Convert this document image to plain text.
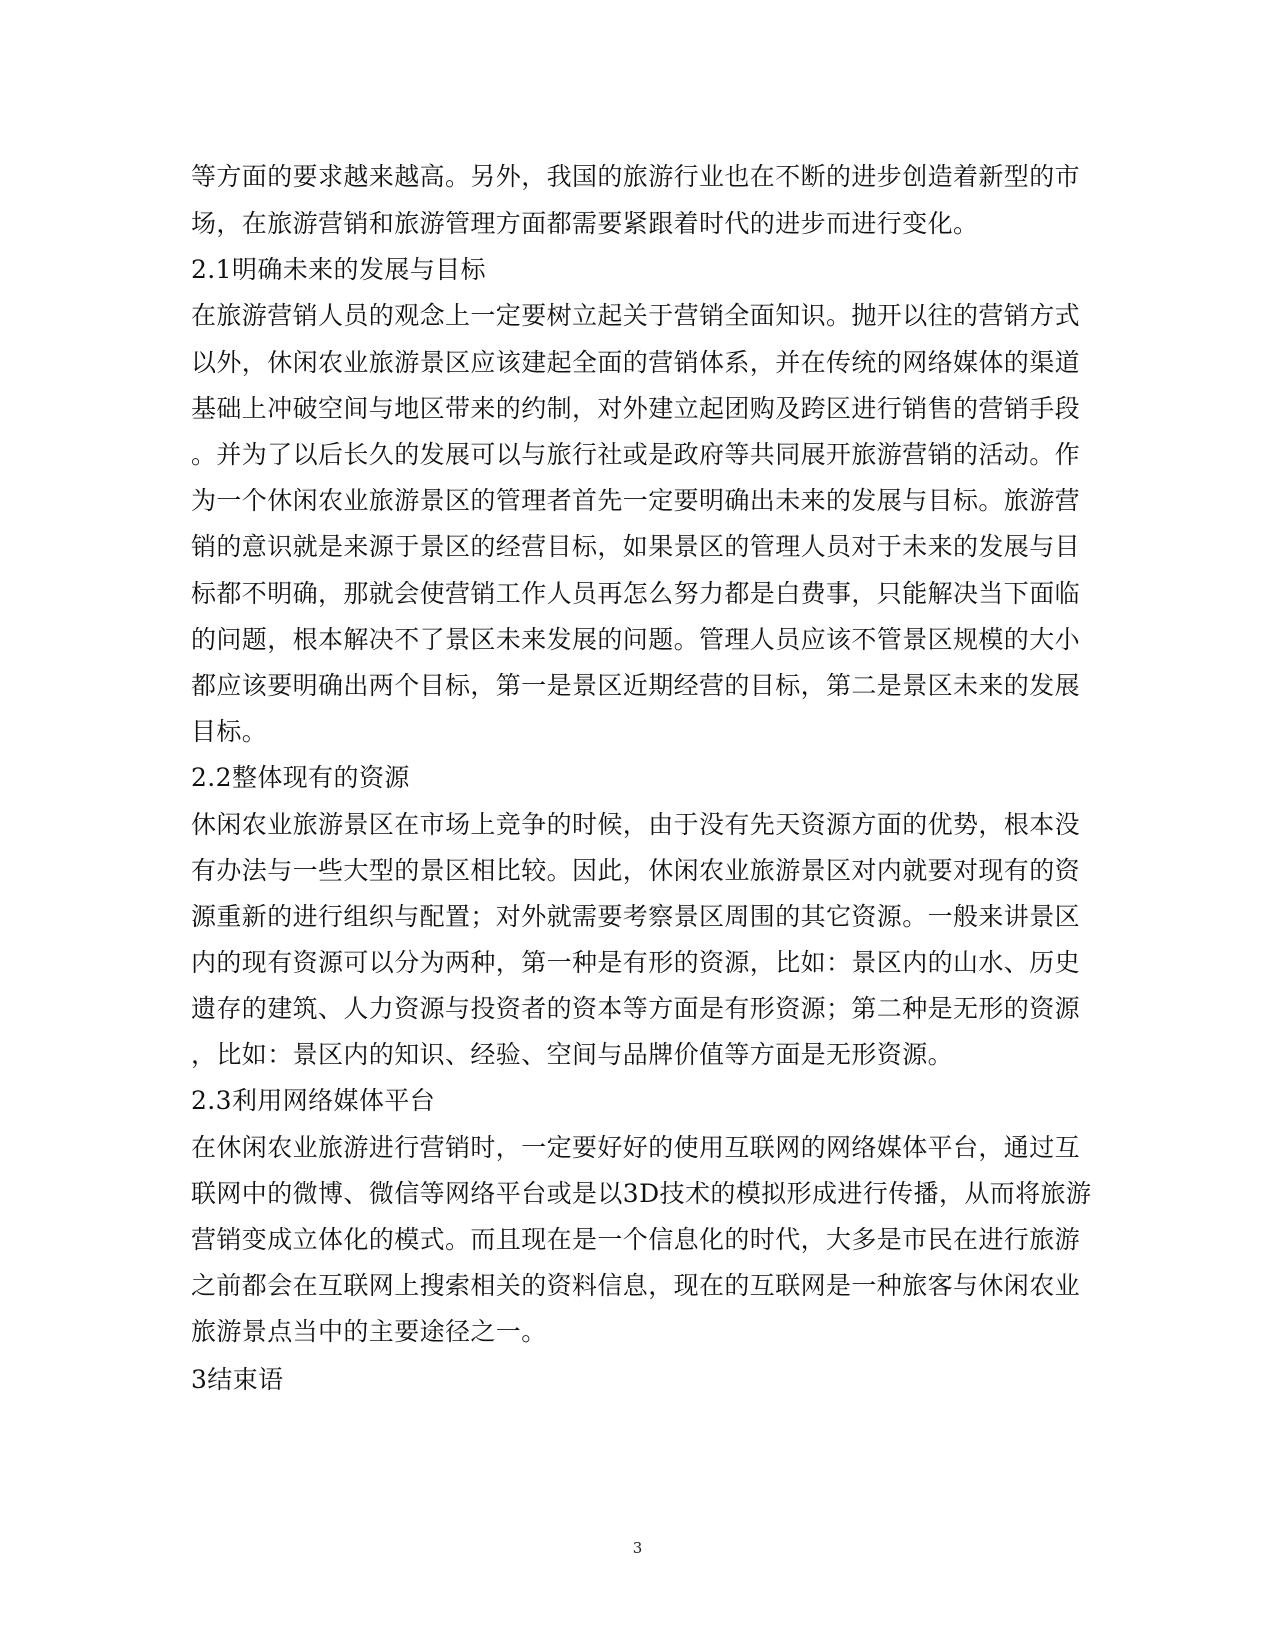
等方面的要求越来越高。另外，我国的旅游行业也在不断的进步创造着新型的市
场，在旅游营销和旅游管理方面都需要紧跟着时代的进步而进行变化。
2.1明确未来的发展与目标
在旅游营销人员的观念上一定要树立起关于营销全面知识。抛开以往的营销方式
以外，休闲农业旅游景区应该建起全面的营销体系，并在传统的网络媒体的渠道
基础上冲破空间与地区带来的约制，对外建立起团购及跨区进行销售的营销手段
。并为了以后长久的发展可以与旅行社或是政府等共同展开旅游营销的活动。作
为一个休闲农业旅游景区的管理者首先一定要明确出未来的发展与目标。旅游营
销的意识就是来源于景区的经营目标，如果景区的管理人员对于未来的发展与目
标都不明确，那就会使营销工作人员再怎么努力都是白费事，只能解决当下面临
的问题，根本解决不了景区未来发展的问题。管理人员应该不管景区规模的大小
都应该要明确出两个目标，第一是景区近期经营的目标，第二是景区未来的发展
目标。
2.2整体现有的资源
休闲农业旅游景区在市场上竞争的时候，由于没有先天资源方面的优势，根本没
有办法与一些大型的景区相比较。因此，休闲农业旅游景区对内就要对现有的资
源重新的进行组织与配置；对外就需要考察景区周围的其它资源。一般来讲景区
内的现有资源可以分为两种，第一种是有形的资源，比如：景区内的山水、历史
遗存的建筑、人力资源与投资者的资本等方面是有形资源；第二种是无形的资源
，比如：景区内的知识、经验、空间与品牌价值等方面是无形资源。
2.3利用网络媒体平台
在休闲农业旅游进行营销时，一定要好好的使用互联网的网络媒体平台，通过互
联网中的微博、微信等网络平台或是以3D技术的模拟形成进行传播，从而将旅游
营销变成立体化的模式。而且现在是一个信息化的时代，大多是市民在进行旅游
之前都会在互联网上搜索相关的资料信息，现在的互联网是一种旅客与休闲农业
旅游景点当中的主要途径之一。
3结束语
3
